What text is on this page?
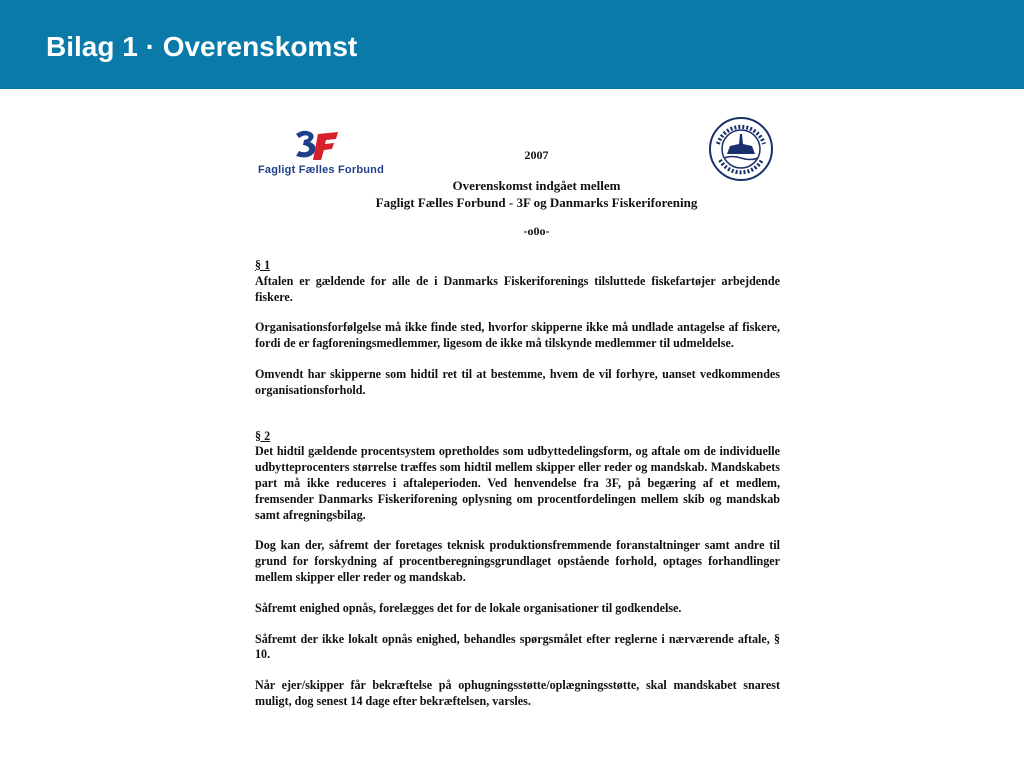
Bilag 1 · Overenskomst
Fagligt Fælles Forbund
2007
Overenskomst indgået mellem
Fagligt Fælles Forbund - 3F og Danmarks Fiskeriforening
-o0o-
§ 1

Aftalen er gældende for alle de i Danmarks Fiskeriforenings tilsluttede fiskefartøjer arbejdende fiskere.

Organisationsforfølgelse må ikke finde sted, hvorfor skipperne ikke må undlade antagelse af fiskere, fordi de er fagforeningsmedlemmer, ligesom de ikke må tilskynde medlemmer til udmeldelse.

Omvendt har skipperne som hidtil ret til at bestemme, hvem de vil forhyre, uanset vedkommendes organisationsforhold.

§ 2

Det hidtil gældende procentsystem opretholdes som udbyttedelingsform, og aftale om de individuelle udbytteprocenters størrelse træffes som hidtil mellem skipper eller reder og mandskab. Mandskabets part må ikke reduceres i aftaleperioden. Ved henvendelse fra 3F, på begæring af et medlem, fremsender Danmarks Fiskeriforening oplysning om procentfordelingen mellem skib og mandskab samt afregningsbilag.

Dog kan der, såfremt der foretages teknisk produktionsfremmende foranstaltninger samt andre til grund for forskydning af procentberegningsgrundlaget opstående forhold, optages forhandlinger mellem skipper eller reder og mandskab.

Såfremt enighed opnås, forelægges det for de lokale organisationer til godkendelse.

Såfremt der ikke lokalt opnås enighed, behandles spørgsmålet efter reglerne i nærværende aftale, § 10.

Når ejer/skipper får bekræftelse på ophugningsstøtte/oplægningsstøtte, skal mandskabet snarest muligt, dog senest 14 dage efter bekræftelsen, varsles.
